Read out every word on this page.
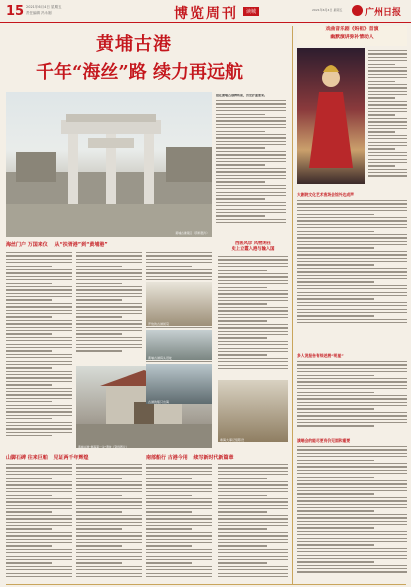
15 2021年6月4日 星期五
责任编辑 冯永刚	博览周刊	读城	2021年6月4日 星期五	广州日报
黄埔古港
千年“海丝”路 续力再远航
黄埔古港景区（资料图片）
站在黄埔古港牌坊前，历史扑面而来。
海丝门户 万国来仪 从“扶胥港”到“黄埔港”
黄埔古港“粤海第一关”遗址（资料图片）
开放的古港街景
黄埔古港码头旧址
西医风诊 风物闲在
史上立霞入港与输入国
古港的船只出海
粤海大事记馆陈设
山脚石碑 往来巨舶 见证两千年辉煌	南部船行 古港今用 续写新时代新篇章
戏曲音乐剧《妈祖》首演
幽默演讲弥补情动人
大剧院文化艺术夜场会馆外达成声
多人说报告有综述展“明星”
演唱会的能尽更有价见面和重要
